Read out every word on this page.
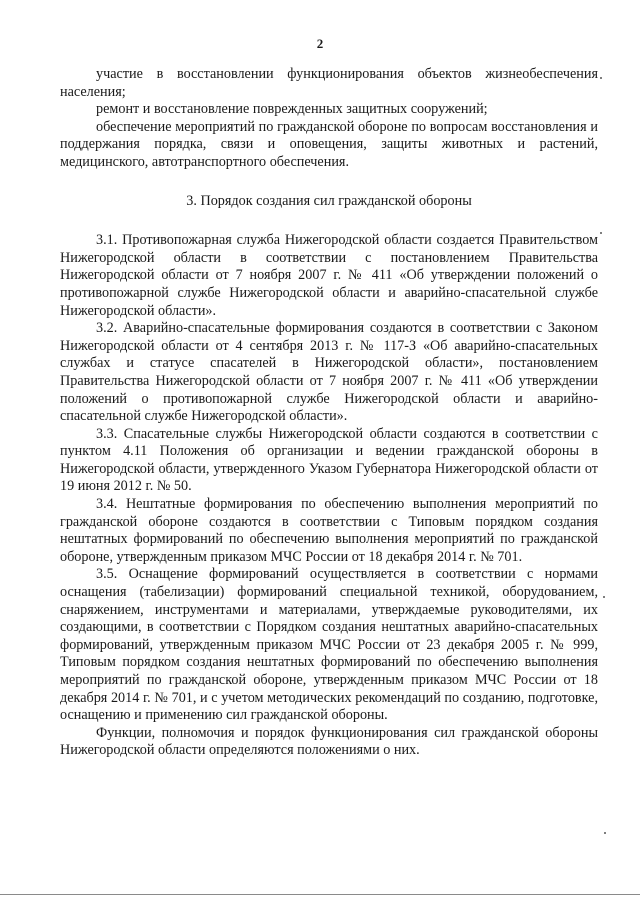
2

участие в восстановлении функционирования объектов жизнеобеспечения населения;

ремонт и восстановление поврежденных защитных сооружений;

обеспечение мероприятий по гражданской обороне по вопросам восстановления и поддержания порядка, связи и оповещения, защиты животных и растений, медицинского, автотранспортного обеспечения.

3. Порядок создания сил гражданской обороны

3.1. Противопожарная служба Нижегородской области создается Правительством Нижегородской области в соответствии с постановлением Правительства Нижегородской области от 7 ноября 2007 г. № 411 «Об утверждении положений о противопожарной службе Нижегородской области и аварийно-спасательной службе Нижегородской области».

3.2. Аварийно-спасательные формирования создаются в соответствии с Законом Нижегородской области от 4 сентября 2013 г. № 117-З «Об аварийно-спасательных службах и статусе спасателей в Нижегородской области», постановлением Правительства Нижегородской области от 7 ноября 2007 г. № 411 «Об утверждении положений о противопожарной службе Нижегородской области и аварийно-спасательной службе Нижегородской области».

3.3. Спасательные службы Нижегородской области создаются в соответствии с пунктом 4.11 Положения об организации и ведении гражданской обороны в Нижегородской области, утвержденного Указом Губернатора Нижегородской области от 19 июня 2012 г. № 50.

3.4. Нештатные формирования по обеспечению выполнения мероприятий по гражданской обороне создаются в соответствии с Типовым порядком создания нештатных формирований по обеспечению выполнения мероприятий по гражданской обороне, утвержденным приказом МЧС России от 18 декабря 2014 г. № 701.

3.5. Оснащение формирований осуществляется в соответствии с нормами оснащения (табелизации) формирований специальной техникой, оборудованием, снаряжением, инструментами и материалами, утверждаемые руководителями, их создающими, в соответствии с Порядком создания нештатных аварийно-спасательных формирований, утвержденным приказом МЧС России от 23 декабря 2005 г. № 999, Типовым порядком создания нештатных формирований по обеспечению выполнения мероприятий по гражданской обороне, утвержденным приказом МЧС России от 18 декабря 2014 г. № 701, и с учетом методических рекомендаций по созданию, подготовке, оснащению и применению сил гражданской обороны.

Функции, полномочия и порядок функционирования сил гражданской обороны Нижегородской области определяются положениями о них.
